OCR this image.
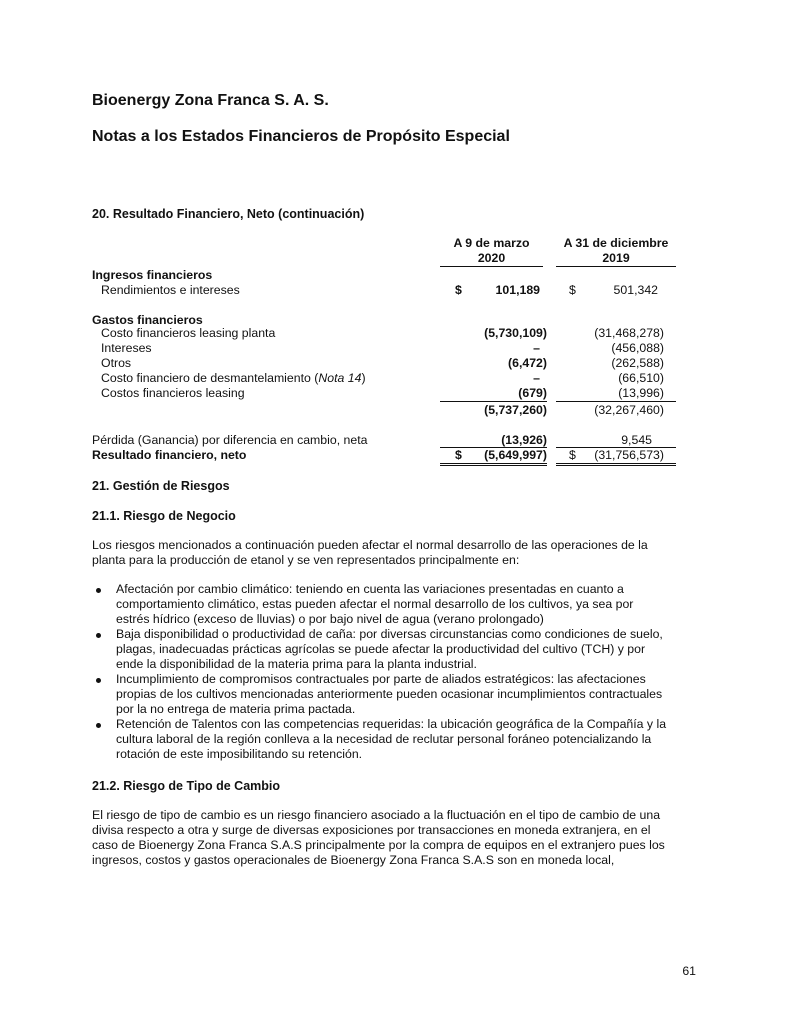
Bioenergy Zona Franca S. A. S.
Notas a los Estados Financieros de Propósito Especial
20. Resultado Financiero, Neto (continuación)
A 9 de marzo
2020
A 31 de diciembre
2019
Ingresos financieros
Rendimientos e intereses	$	101,189 $	501,342
Gastos financieros
Costo financieros leasing planta	(5,730,109)	(31,468,278)
Intereses	–	(456,088)
Otros	(6,472)	(262,588)
Costo financiero de desmantelamiento (Nota 14)	–	(66,510)
Costos financieros leasing	(679)	(13,996)
(5,737,260)	(32,267,460)
Pérdida (Ganancia) por diferencia en cambio, neta	(13,926)	9,545
Resultado financiero, neto	$	(5,649,997) $	(31,756,573)
21. Gestión de Riesgos
21.1. Riesgo de Negocio
Los riesgos mencionados a continuación pueden afectar el normal desarrollo de las operaciones de la
planta para la producción de etanol y se ven representados principalmente en:
Afectación por cambio climático: teniendo en cuenta las variaciones presentadas en cuanto a
comportamiento climático, estas pueden afectar el normal desarrollo de los cultivos, ya sea por
estrés hídrico (exceso de lluvias) o por bajo nivel de agua (verano prolongado)
Baja disponibilidad o productividad de caña: por diversas circunstancias como condiciones de suelo,
plagas, inadecuadas prácticas agrícolas se puede afectar la productividad del cultivo (TCH) y por
ende la disponibilidad de la materia prima para la planta industrial.
Incumplimiento de compromisos contractuales por parte de aliados estratégicos: las afectaciones
propias de los cultivos mencionadas anteriormente pueden ocasionar incumplimientos contractuales
por la no entrega de materia prima pactada.
Retención de Talentos con las competencias requeridas: la ubicación geográfica de la Compañía y la
cultura laboral de la región conlleva a la necesidad de reclutar personal foráneo potencializando la
rotación de este imposibilitando su retención.
21.2. Riesgo de Tipo de Cambio
El riesgo de tipo de cambio es un riesgo financiero asociado a la fluctuación en el tipo de cambio de una
divisa respecto a otra y surge de diversas exposiciones por transacciones en moneda extranjera, en el
caso de Bioenergy Zona Franca S.A.S principalmente por la compra de equipos en el extranjero pues los
ingresos, costos y gastos operacionales de Bioenergy Zona Franca S.A.S son en moneda local,
61
